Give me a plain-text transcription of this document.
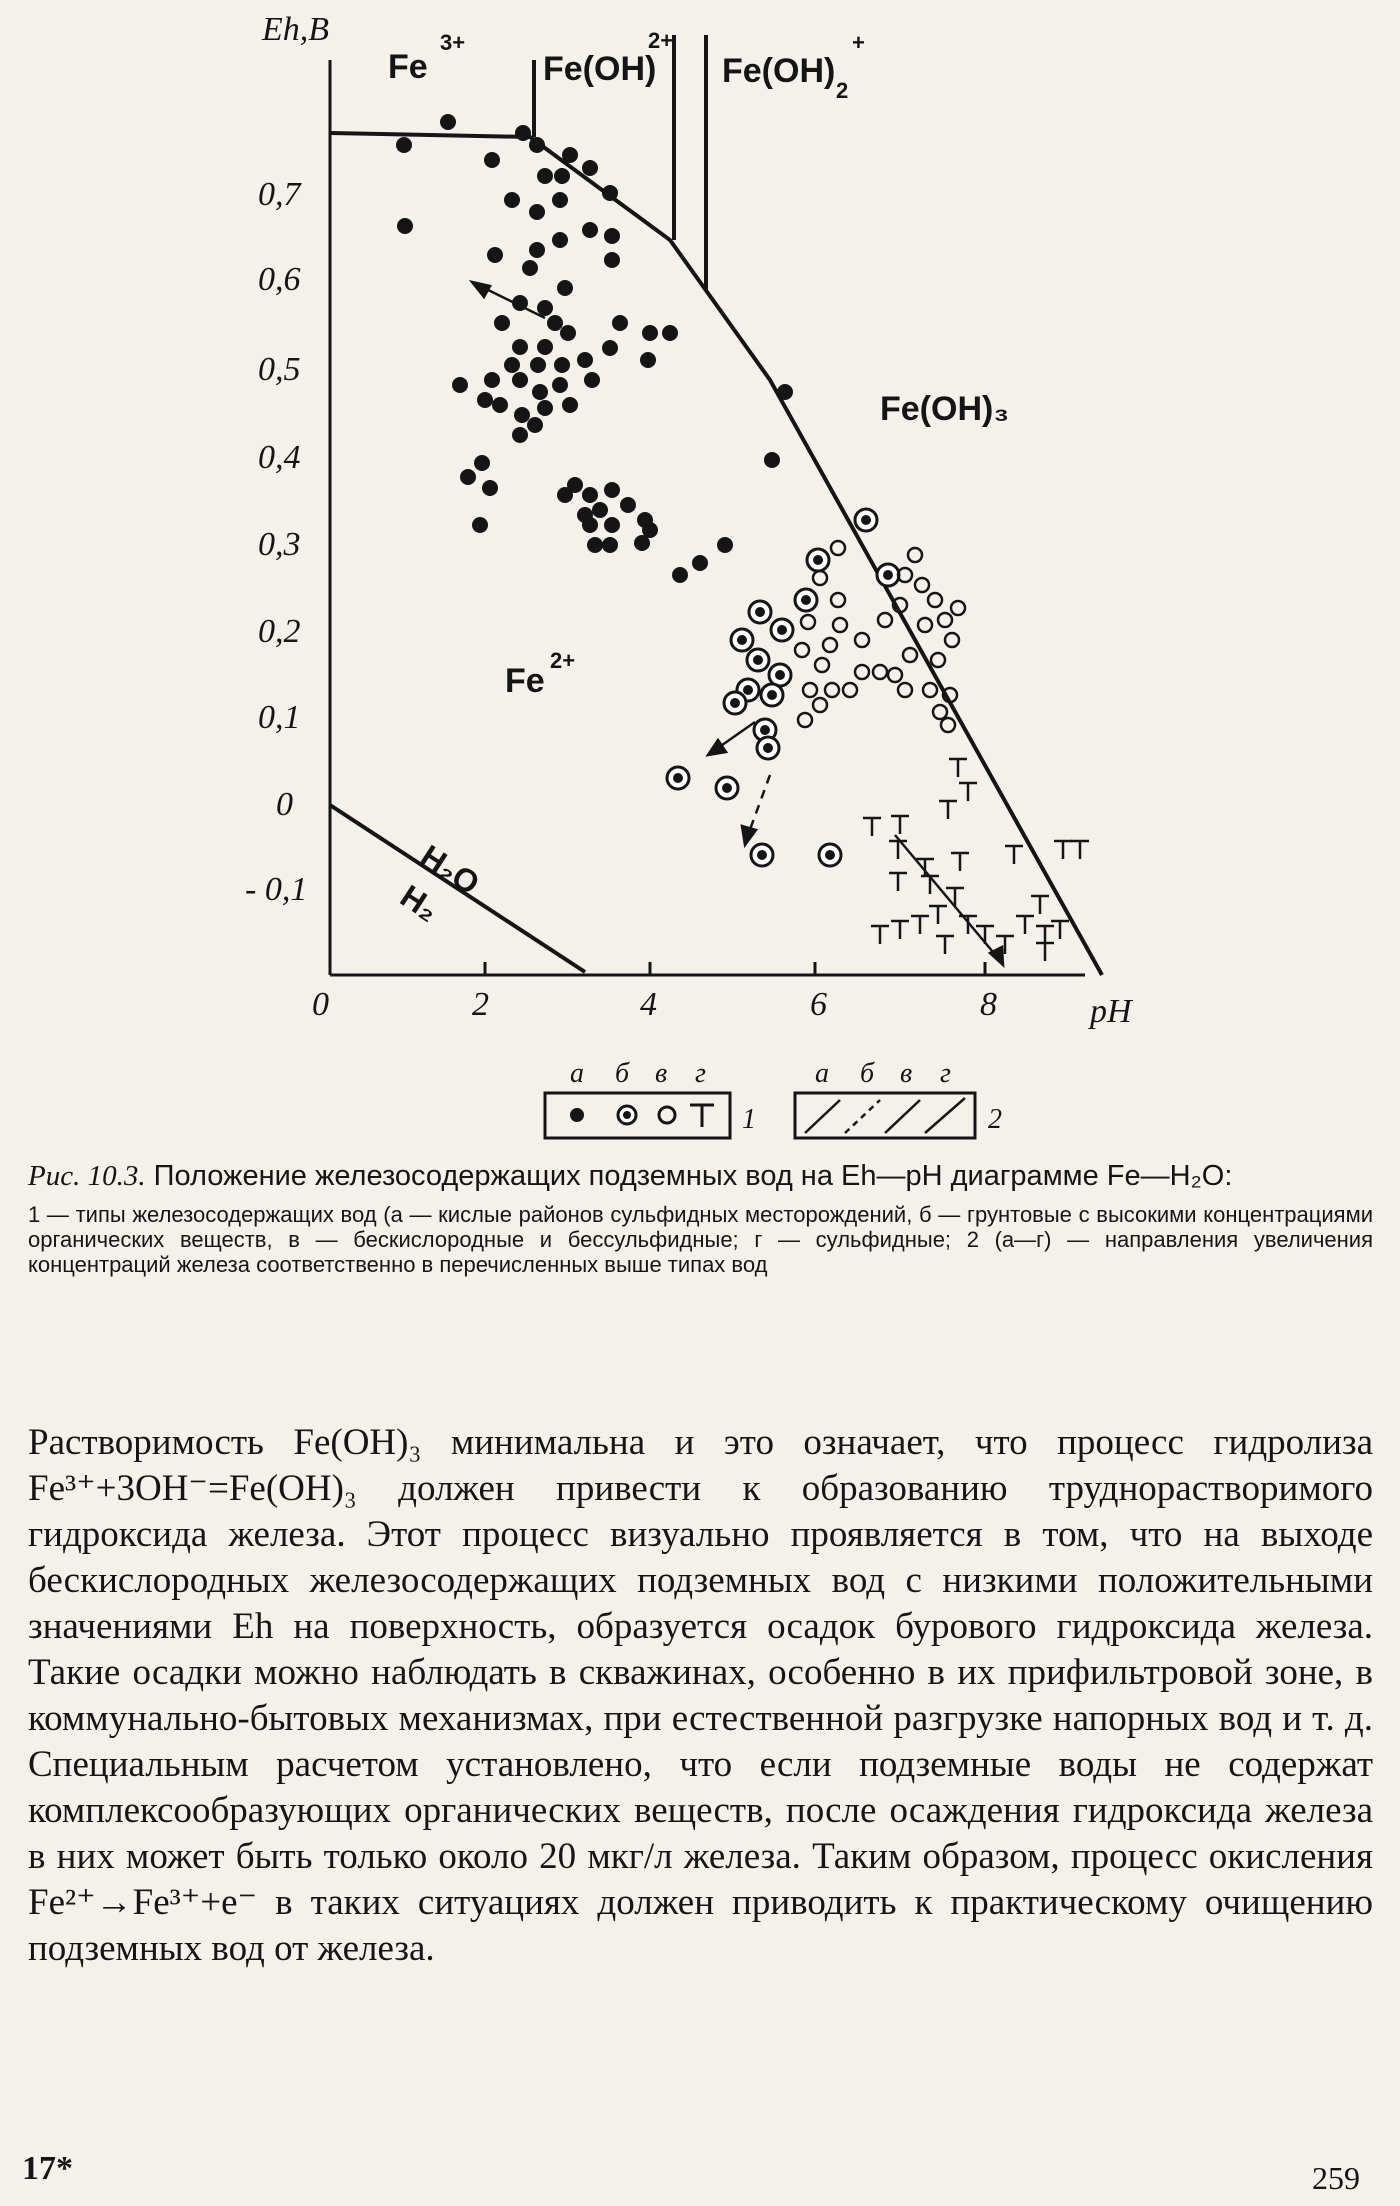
Eh,B
pH
0,7
0,6
0,5
0,4
0,3
0,2
0,1
0
- 0,1
0	2	4	6	8
Fe
3+
Fe(OH)
2+
Fe(OH)
2
+
Fe(OH)₃
Fe
2+
H₂O
H₂
а б в г
1
а б в г
2

Рис. 10.3. Положение железосодержащих подземных вод на Eh—pH диаграмме Fe—H₂O:

1 — типы железосодержащих вод (а — кислые районов сульфидных месторождений, б — грунтовые с высокими концентрациями органических веществ, в — бескислородные и бессульфидные; г — сульфидные; 2 (а—г) — направления увеличения концентраций железа соответственно в перечисленных выше типах вод

Растворимость Fe(OH)₃ минимальна и это означает, что процесс гидролиза Fe³⁺+3OH⁻=Fe(OH)₃ должен привести к образованию труднорастворимого гидроксида железа. Этот процесс визуально проявляется в том, что на выходе бескислородных железосодержащих подземных вод с низкими положительными значениями Eh на поверхность, образуется осадок бурового гидроксида железа. Такие осадки можно наблюдать в скважинах, особенно в их прифильтровой зоне, в коммунально-бытовых механизмах, при естественной разгрузке напорных вод и т. д. Специальным расчетом установлено, что если подземные воды не содержат комплексообразующих органических веществ, после осаждения гидроксида железа в них может быть только около 20 мкг/л железа. Таким образом, процесс окисления Fe²⁺→Fe³⁺+e⁻ в таких ситуациях должен приводить к практическому очищению подземных вод от железа.

17*	259
